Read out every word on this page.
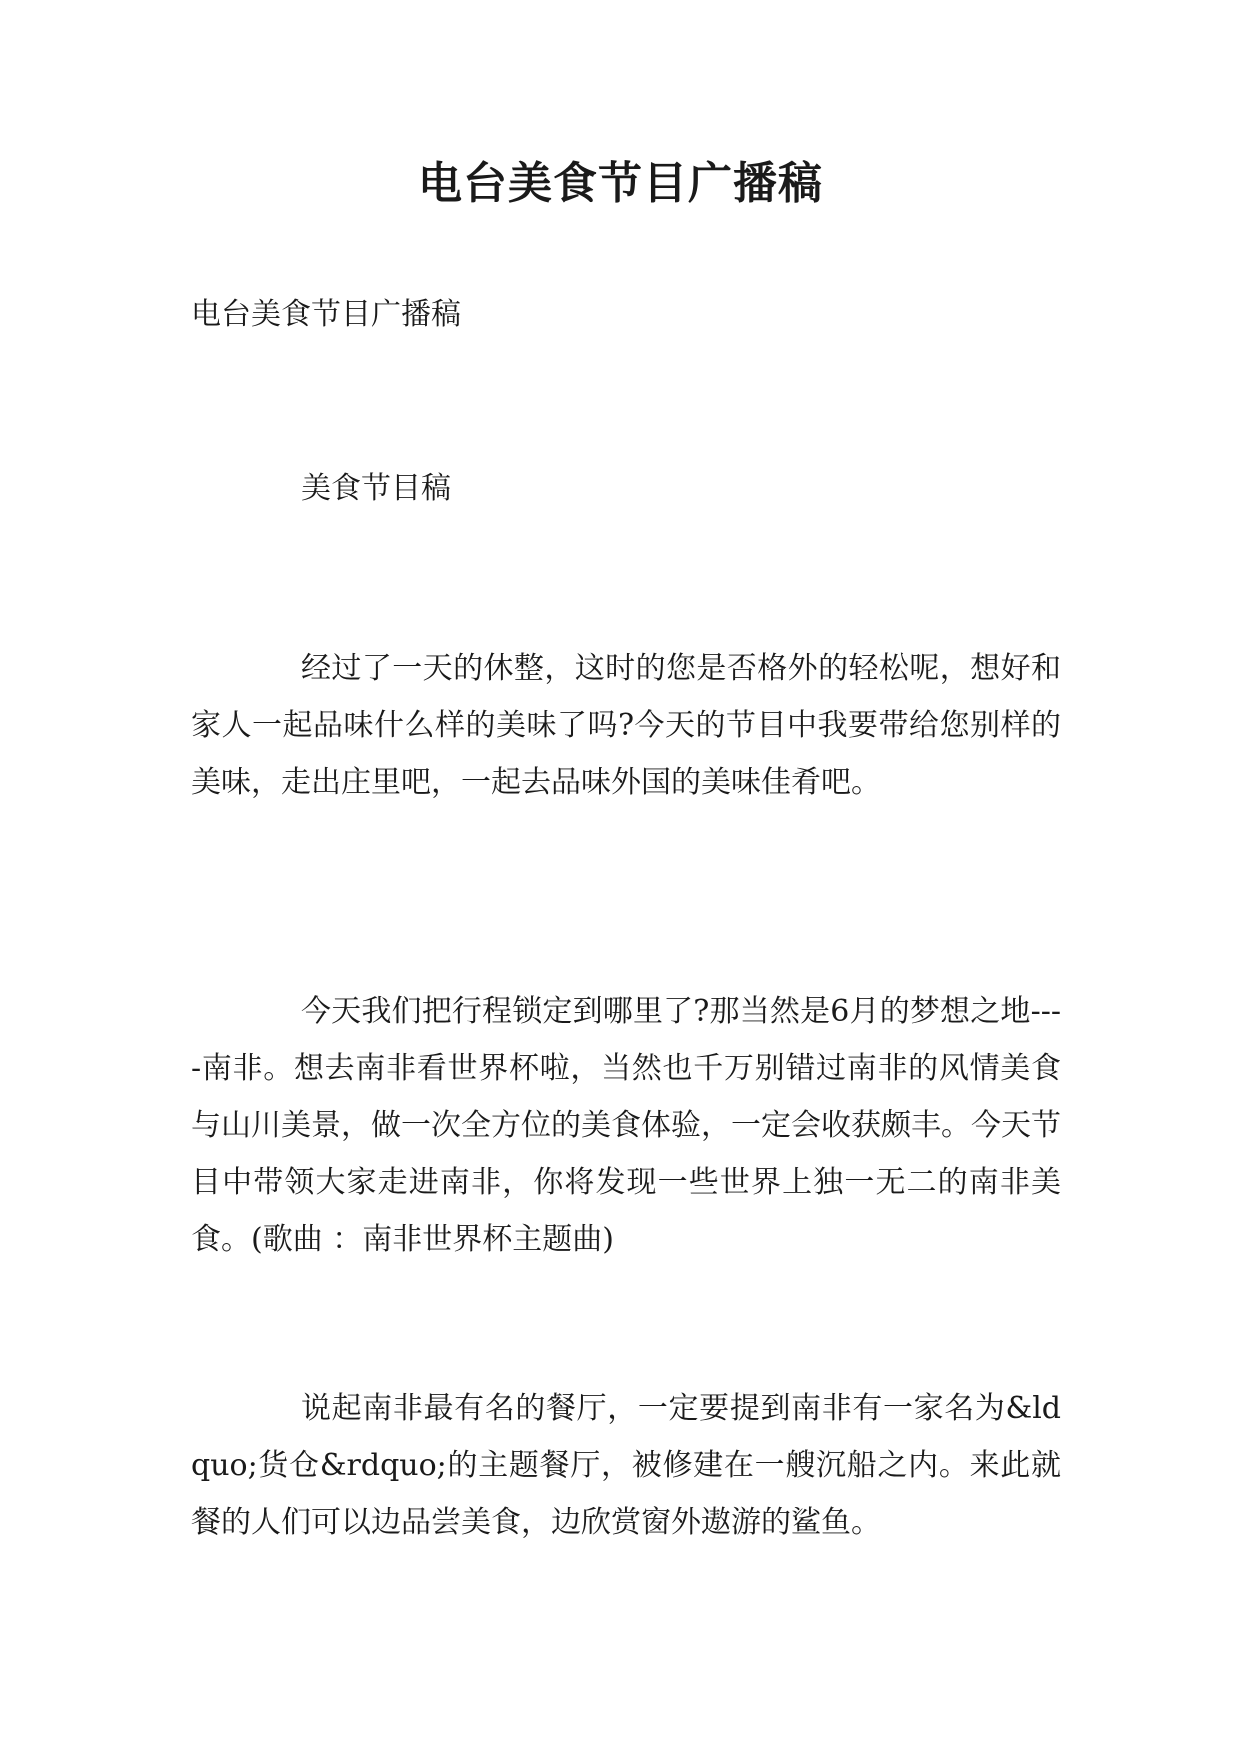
电台美食节目广播稿

电台美食节目广播稿

美食节目稿

经过了一天的休整，这时的您是否格外的轻松呢，想好和家人一起品味什么样的美味了吗?今天的节目中我要带给您别样的美味，走出庄里吧，一起去品味外国的美味佳肴吧。

今天我们把行程锁定到哪里了?那当然是6月的梦想之地----南非。想去南非看世界杯啦，当然也千万别错过南非的风情美食与山川美景，做一次全方位的美食体验，一定会收获颇丰。今天节目中带领大家走进南非，你将发现一些世界上独一无二的南非美食。(歌曲 ：南非世界杯主题曲)

说起南非最有名的餐厅，一定要提到南非有一家名为&ldquo;货仓&rdquo;的主题餐厅，被修建在一艘沉船之内。来此就餐的人们可以边品尝美食，边欣赏窗外遨游的鲨鱼。
